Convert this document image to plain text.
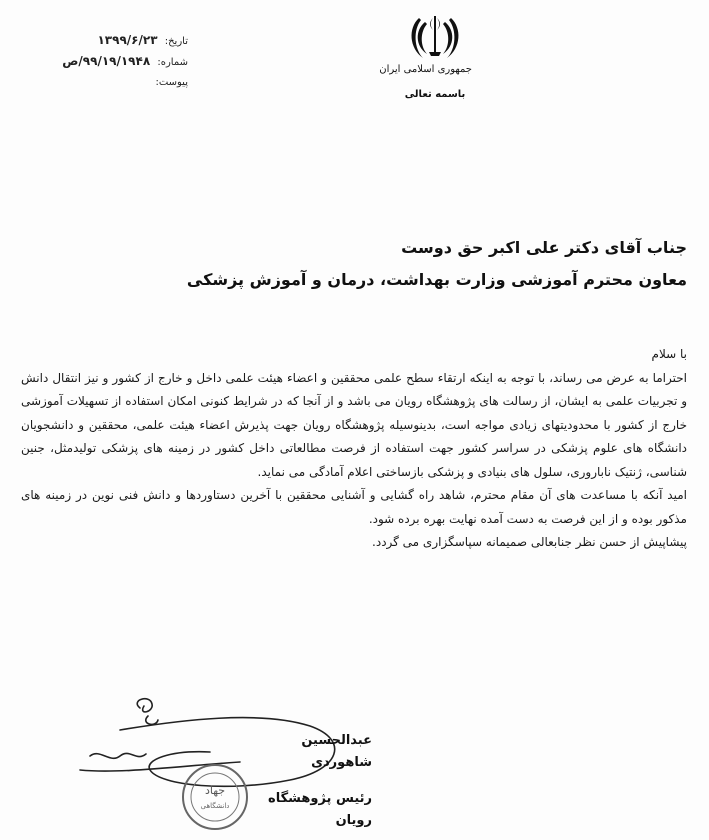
تاریخ: ۱۳۹۹/۶/۲۳
شماره: ۹۹/۱۹/۱۹۴۸/ص
پیوست:
جمهوری اسلامی ایران
باسمه تعالی
جناب آقای دکتر علی اکبر حق دوست
معاون محترم آموزشی وزارت بهداشت، درمان و آموزش پزشکی

با سلام

احتراما به عرض می رساند، با توجه به اینکه ارتقاء سطح علمی محققین و اعضاء هیئت علمی داخل و خارج از کشور و نیز انتقال دانش و تجربیات علمی به ایشان، از رسالت های پژوهشگاه رویان می باشد و از آنجا که در شرایط کنونی امکان استفاده از تسهیلات آموزشی خارج از کشور با محدودیتهای زیادی مواجه است، بدینوسیله پژوهشگاه رویان جهت پذیرش اعضاء هیئت علمی، محققین و دانشجویان دانشگاه های علوم پزشکی در سراسر کشور جهت استفاده از فرصت مطالعاتی داخل کشور در زمینه های پزشکی تولیدمثل، جنین شناسی، ژنتیک ناباروری، سلول های بنیادی و پزشکی بازساختی اعلام آمادگی می نماید.

امید آنکه با مساعدت های آن مقام محترم، شاهد راه گشایی و آشنایی محققین با آخرین دستاوردها و دانش فنی نوین در زمینه های مذکور بوده و از این فرصت به دست آمده نهایت بهره برده شود.

پیشاپیش از حسن نظر جنابعالی صمیمانه سپاسگزاری می گردد.

جهاد
دانشگاهی
عبدالحسین شاهوردی
رئیس پژوهشگاه رویان
